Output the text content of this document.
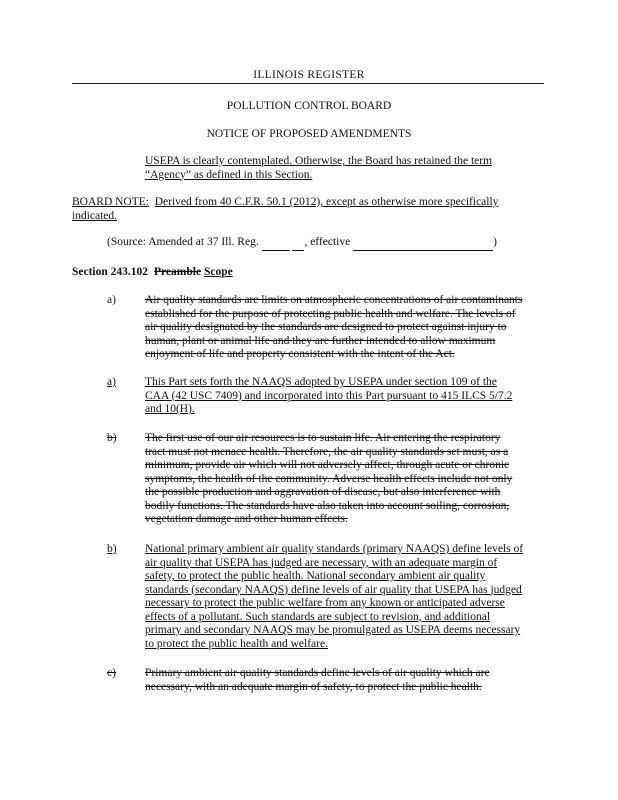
ILLINOIS REGISTER
POLLUTION CONTROL BOARD
NOTICE OF PROPOSED AMENDMENTS
USEPA is clearly contemplated. Otherwise, the Board has retained the term
“Agency” as defined in this Section.
BOARD NOTE: Derived from 40 C.F.R. 50.1 (2012), except as otherwise more specifically
indicated.
(Source: Amended at 37 Ill. Reg.	, effective	)
Section 243.102 Preamble Scope
a)	Air quality standards are limits on atmospheric concentrations of air contaminants
established for the purpose of protecting public health and welfare. The levels of
air quality designated by the standards are designed to protect against injury to
human, plant or animal life and they are further intended to allow maximum
enjoyment of life and property consistent with the intent of the Act.
a)	This Part sets forth the NAAQS adopted by USEPA under section 109 of the
CAA (42 USC 7409) and incorporated into this Part pursuant to 415 ILCS 5/7.2
and 10(H).
b) The first use of our air resources is to sustain life. Air entering the respiratory
tract must not menace health. Therefore, the air quality standards set must, as a
minimum, provide air which will not adversely affect, through acute or chronic
symptoms, the health of the community. Adverse health effects include not only
the possible production and aggravation of disease, but also interference with
bodily functions. The standards have also taken into account soiling, corrosion,
vegetation damage and other human effects.
b) National primary ambient air quality standards (primary NAAQS) define levels of
air quality that USEPA has judged are necessary, with an adequate margin of
safety, to protect the public health. National secondary ambient air quality
standards (secondary NAAQS) define levels of air quality that USEPA has judged
necessary to protect the public welfare from any known or anticipated adverse
effects of a pollutant. Such standards are subject to revision, and additional
primary and secondary NAAQS may be promulgated as USEPA deems necessary
to protect the public health and welfare.
c)	Primary ambient air quality standards define levels of air quality which are
necessary, with an adequate margin of safety, to protect the public health.
